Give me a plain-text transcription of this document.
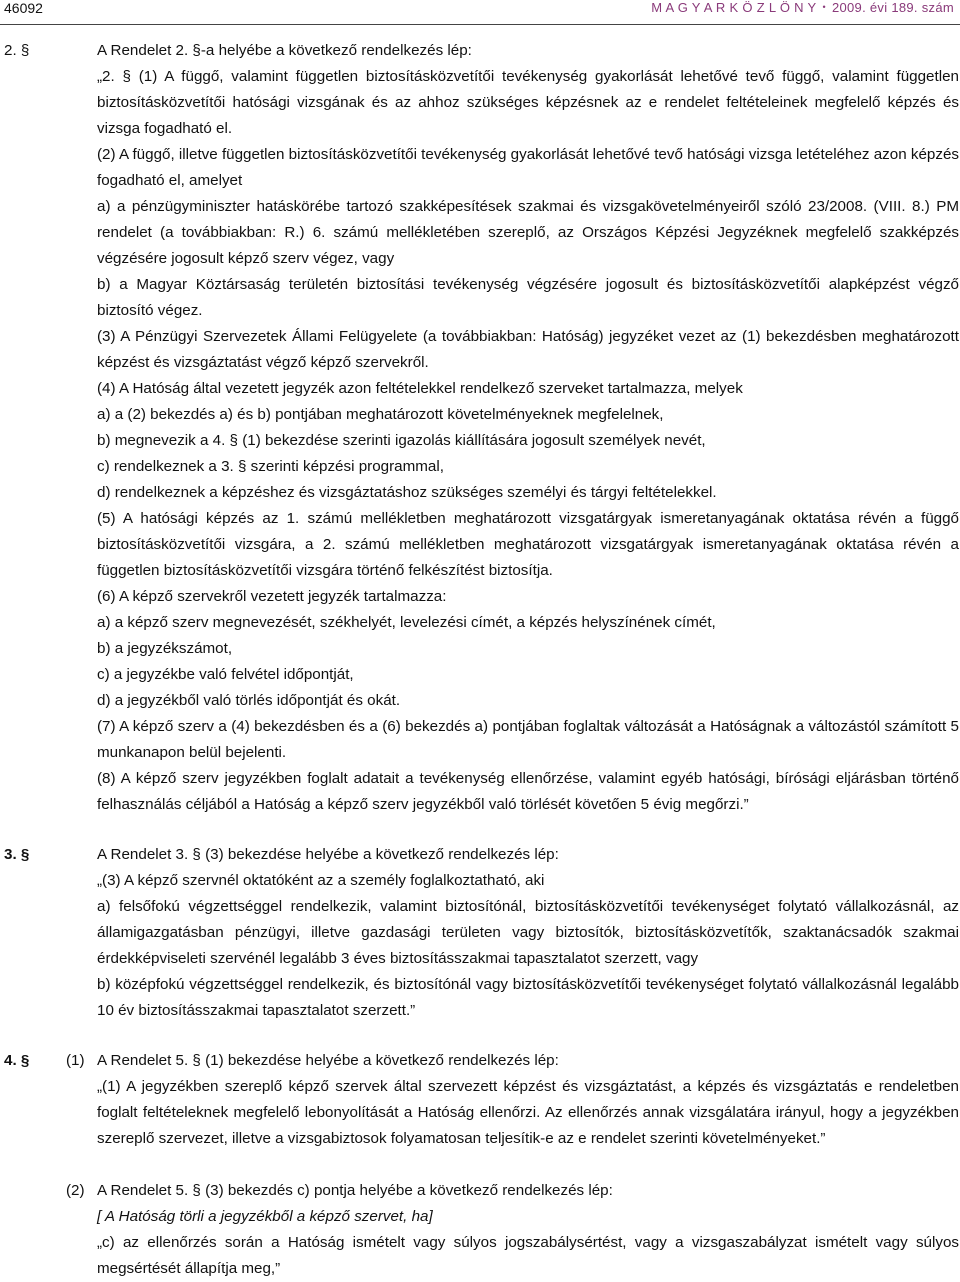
46092	M A G Y A R K Ö Z L Ö N Y • 2009. évi 189. szám
2. §	A Rendelet 2. §-a helyébe a következő rendelkezés lép:
„2. § (1) A függő, valamint független biztosításközvetítői tevékenység gyakorlását lehetővé tevő függő, valamint független biztosításközvetítői hatósági vizsgának és az ahhoz szükséges képzésnek az e rendelet feltételeinek megfelelő képzés és vizsga fogadható el.
(2) A függő, illetve független biztosításközvetítői tevékenység gyakorlását lehetővé tevő hatósági vizsga letételéhez azon képzés fogadható el, amelyet
a) a pénzügyminiszter hatáskörébe tartozó szakképesítések szakmai és vizsgakövetelményeiről szóló 23/2008. (VIII. 8.) PM rendelet (a továbbiakban: R.) 6. számú mellékletében szereplő, az Országos Képzési Jegyzéknek megfelelő szakképzés végzésére jogosult képző szerv végez, vagy
b) a Magyar Köztársaság területén biztosítási tevékenység végzésére jogosult és biztosításközvetítői alapképzést végző biztosító végez.
(3) A Pénzügyi Szervezetek Állami Felügyelete (a továbbiakban: Hatóság) jegyzéket vezet az (1) bekezdésben meghatározott képzést és vizsgáztatást végző képző szervekről.
(4) A Hatóság által vezetett jegyzék azon feltételekkel rendelkező szerveket tartalmazza, melyek
a) a (2) bekezdés a) és b) pontjában meghatározott követelményeknek megfelelnek,
b) megnevezik a 4. § (1) bekezdése szerinti igazolás kiállítására jogosult személyek nevét,
c) rendelkeznek a 3. § szerinti képzési programmal,
d) rendelkeznek a képzéshez és vizsgáztatáshoz szükséges személyi és tárgyi feltételekkel.
(5) A hatósági képzés az 1. számú mellékletben meghatározott vizsgatárgyak ismeretanyagának oktatása révén a függő biztosításközvetítői vizsgára, a 2. számú mellékletben meghatározott vizsgatárgyak ismeretanyagának oktatása révén a független biztosításközvetítői vizsgára történő felkészítést biztosítja.
(6) A képző szervekről vezetett jegyzék tartalmazza:
a) a képző szerv megnevezését, székhelyét, levelezési címét, a képzés helyszínének címét,
b) a jegyzékszámot,
c) a jegyzékbe való felvétel időpontját,
d) a jegyzékből való törlés időpontját és okát.
(7) A képző szerv a (4) bekezdésben és a (6) bekezdés a) pontjában foglaltak változását a Hatóságnak a változástól számított 5 munkanapon belül bejelenti.
(8) A képző szerv jegyzékben foglalt adatait a tevékenység ellenőrzése, valamint egyéb hatósági, bírósági eljárásban történő felhasználás céljából a Hatóság a képző szerv jegyzékből való törlését követően 5 évig megőrzi.”
3. §	A Rendelet 3. § (3) bekezdése helyébe a következő rendelkezés lép:
„(3) A képző szervnél oktatóként az a személy foglalkoztatható, aki
a) felsőfokú végzettséggel rendelkezik, valamint biztosítónál, biztosításközvetítői tevékenységet folytató vállalkozásnál, az államigazgatásban pénzügyi, illetve gazdasági területen vagy biztosítók, biztosításközvetítők, szaktanácsadók szakmai érdekképviseleti szervénél legalább 3 éves biztosításszakmai tapasztalatot szerzett, vagy
b) középfokú végzettséggel rendelkezik, és biztosítónál vagy biztosításközvetítői tevékenységet folytató vállalkozásnál legalább 10 év biztosításszakmai tapasztalatot szerzett.”
4. § (1) A Rendelet 5. § (1) bekezdése helyébe a következő rendelkezés lép:
„(1) A jegyzékben szereplő képző szervek által szervezett képzést és vizsgáztatást, a képzés és vizsgáztatás e rendeletben foglalt feltételeknek megfelelő lebonyolítását a Hatóság ellenőrzi. Az ellenőrzés annak vizsgálatára irányul, hogy a jegyzékben szereplő szervezet, illetve a vizsgabiztosok folyamatosan teljesítik-e az e rendelet szerinti követelményeket.”
(2) A Rendelet 5. § (3) bekezdés c) pontja helyébe a következő rendelkezés lép:
[ A Hatóság törli a jegyzékből a képző szervet, ha]
„c) az ellenőrzés során a Hatóság ismételt vagy súlyos jogszabálysértést, vagy a vizsgaszabályzat ismételt vagy súlyos megsértését állapítja meg,”
